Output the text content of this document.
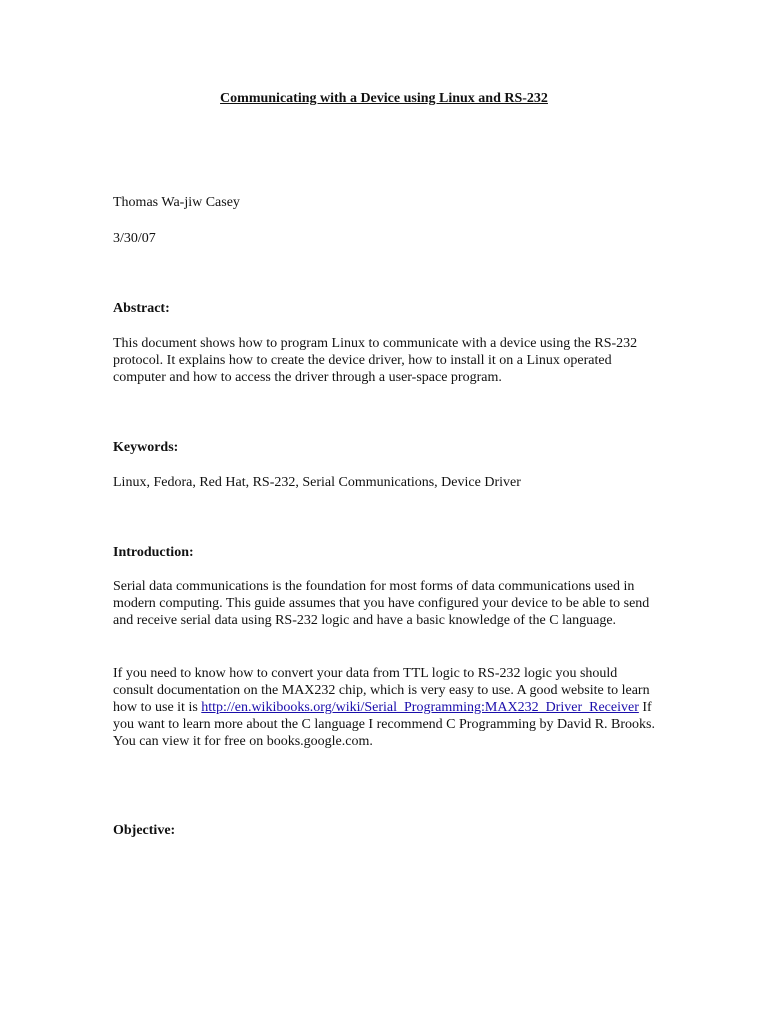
Communicating with a Device using Linux and RS-232

Thomas Wa-jiw Casey

3/30/07

Abstract:

This document shows how to program Linux to communicate with a device using the RS-232 protocol. It explains how to create the device driver, how to install it on a Linux operated computer and how to access the driver through a user-space program.

Keywords:

Linux, Fedora, Red Hat, RS-232, Serial Communications, Device Driver

Introduction:

Serial data communications is the foundation for most forms of data communications used in modern computing. This guide assumes that you have configured your device to be able to send and receive serial data using RS-232 logic and have a basic knowledge of the C language.

If you need to know how to convert your data from TTL logic to RS-232 logic you should consult documentation on the MAX232 chip, which is very easy to use. A good website to learn how to use it is http://en.wikibooks.org/wiki/Serial_Programming:MAX232_Driver_Receiver If you want to learn more about the C language I recommend C Programming by David R. Brooks. You can view it for free on books.google.com.

Objective:
